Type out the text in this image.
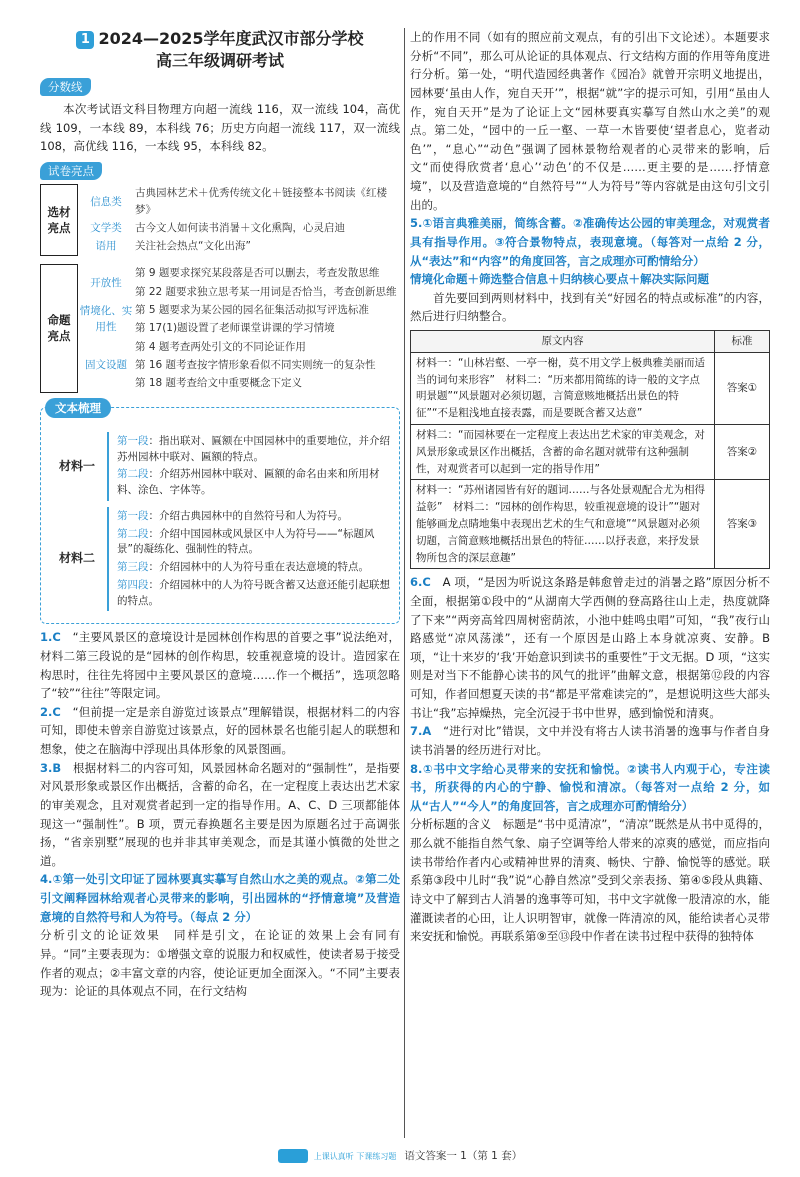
1 2024—2025学年度武汉市部分学校
高三年级调研考试
分数线
本次考试语文科目物理方向超一流线 116，双一流线 104，高优线 109，一本线 89，本科线 76；历史方向超一流线 117，双一流线 108，高优线 116，一本线 95，本科线 82。
试卷亮点
选材亮点	信息类	古典园林艺术＋优秀传统文化＋链接整本书阅读《红楼梦》
	文学类	古今文人如何读书消暑＋文化熏陶，心灵启迪
	语用	关注社会热点“文化出海”

命题亮点	开放性	第 9 题要求探究某段落是否可以删去，考查发散思维
		第 22 题要求独立思考某一用词是否恰当，考查创新思维
	情境化、实用性	第 5 题要求为某公园的园名征集活动拟写评选标准
		第 17(1)题设置了老师课堂讲课的学习情境
	固文设题	第 4 题考查两处引文的不同论证作用
		第 16 题考查按字情形象看似不同实则统一的复杂性
		第 18 题考查给文中重要概念下定义
文本梳理
材料一
第一段：指出联对、匾额在中国园林中的重要地位，并介绍苏州园林中联对、匾额的特点。
第二段：介绍苏州园林中联对、匾额的命名由来和所用材料、涂色、字体等。
材料二
第一段：介绍古典园林中的自然符号和人为符号。
第二段：介绍中国园林或风景区中人为符号——“标题风景”的凝练化、强制性的特点。
第三段：介绍园林中的人为符号重在表达意境的特点。
第四段：介绍园林中的人为符号既含蓄又达意还能引起联想的特点。
1.C　 “主要风景区的意境设计是园林创作构思的首要之事”说法绝对，材料二第三段说的是“园林的创作构思，较重视意境的设计。造园家在构思时，往往先将园中主要风景区的意境……作一个概括”，选项忽略了“较”“往往”等限定词。
2.C　 “但前提一定是亲自游览过该景点”理解错误，根据材料二的内容可知，即使未曾亲自游览过该景点，好的园林景名也能引起人的联想和想象，使之在脑海中浮现出具体形象的风景图画。
3.B　 根据材料二的内容可知，风景园林命名题对的“强制性”，是指要对风景形象或景区作出概括，含蓄的命名，在一定程度上表达出艺术家的审美观念，且对观赏者起到一定的指导作用。A、C、D 三项都能体现这一“强制性”。B 项，贾元春换题名主要是因为原题名过于高调张扬，“省亲别墅”展现的也并非其审美观念，而是其谨小慎微的处世之道。
4.①第一处引文印证了园林要真实摹写自然山水之美的观点。②第二处引文阐释园林给观者心灵带来的影响，引出园林的“抒情意境”及营造意境的自然符号和人为符号。（每点 2 分）
分析引文的论证效果　同样是引文，在论证的效果上会有同有异。“同”主要表现为：①增强文章的说服力和权威性，使读者易于接受作者的观点；②丰富文章的内容，使论证更加全面深入。“不同”主要表现为：论证的具体观点不同，在行文结构
上的作用不同（如有的照应前文观点，有的引出下文论述）。本题要求分析“不同”，那么可从论证的具体观点、行文结构方面的作用等角度进行分析。第一处，“明代造园经典著作《园冶》就曾开宗明义地提出，园林要‘虽由人作，宛自天开’”，根据“就”字的提示可知，引用“虽由人作，宛自天开”是为了论证上文“园林要真实摹写自然山水之美”的观点。第二处，“园中的一丘一壑、一草一木皆要使‘望者息心，览者动色’”，“息心”“动色”强调了园林景物给观者的心灵带来的影响，后文“而使得欣赏者‘息心’‘动色’的不仅是……更主要的是……抒情意境”，以及营造意境的“自然符号”“人为符号”等内容就是由这句引文引出的。
5.①语言典雅美丽，简练含蓄。②准确传达公园的审美理念，对观赏者具有指导作用。③符合景物特点，表现意境。（每答对一点给 2 分，从“表达”和“内容”的角度回答，言之成理亦可酌情给分）
情境化命题＋筛选整合信息＋归纳核心要点＋解决实际问题
首先要回到两则材料中，找到有关“好园名的特点或标准”的内容，然后进行归纳整合。
原文内容	标准
材料一：“山林岩壑、一亭一榭，莫不用文学上极典雅美丽而适当的词句来形容”　材料二：“历来都用简练的诗一般的文字点明景题”“风景题对必须切题，言简意赅地概括出景色的特征”“不是粗浅地直接表露，而是要既含蓄又达意”	答案①
材料二：“而园林要在一定程度上表达出艺术家的审美观念，对风景形象或景区作出概括，含蓄的命名题对就带有这种强制性，对观赏者可以起到一定的指导作用”	答案②
材料一：“苏州诸园皆有好的题词……与各处景观配合尤为相得益彰”　材料二：“园林的创作构思，较重视意境的设计”“题对能够画龙点睛地集中表现出艺术的生气和意境”“风景题对必须切题，言简意赅地概括出景色的特征……以抒表意，来抒发景物所包含的深层意趣”	答案③
6.C　 A 项，“是因为听说这条路是韩愈曾走过的消暑之路”原因分析不全面，根据第①段中的“从湖南大学西侧的登高路往山上走，热度就降了下来”“两旁高耸四周树密荫浓，小池中蛙鸣虫唱”可知，“我”夜行山路感觉“凉风荡漾”，还有一个原因是山路上本身就凉爽、安静。B 项，“让十来岁的‘我’开始意识到读书的重要性”于文无据。D 项，“这实则是对当下不能静心读书的风气的批评”曲解文意，根据第⑫段的内容可知，作者回想夏天读的书“都是平常难读完的”，是想说明这些大部头书让“我”忘掉燥热，完全沉浸于书中世界，感到愉悦和清爽。
7.A　 “进行对比”错误，文中并没有将古人读书消暑的逸事与作者自身读书消暑的经历进行对比。
8.①书中文字给心灵带来的安抚和愉悦。②读书人内观于心，专注读书，所获得的内心的宁静、愉悦和清凉。（每答对一点给 2 分，如从“古人”“今人”的角度回答，言之成理亦可酌情给分）
分析标题的含义　标题是“书中觅清凉”，“清凉”既然是从书中觅得的，那么就不能指自然气象、扇子空调等给人带来的凉爽的感觉，而应指向读书带给作者内心或精神世界的清爽、畅快、宁静、愉悦等的感觉。联系第③段中儿时“我”说“心静自然凉”受到父亲表扬、第④⑤段从典籍、诗文中了解到古人消暑的逸事等可知，书中文字就像一股清凉的水，能灌溉读者的心田，让人识明智审，就像一阵清凉的风，能给读者心灵带来安抚和愉悦。再联系第⑨至⑬段中作者在读书过程中获得的独特体
上课认真听 下课练习题 语文答案一 1（第 1 套）
